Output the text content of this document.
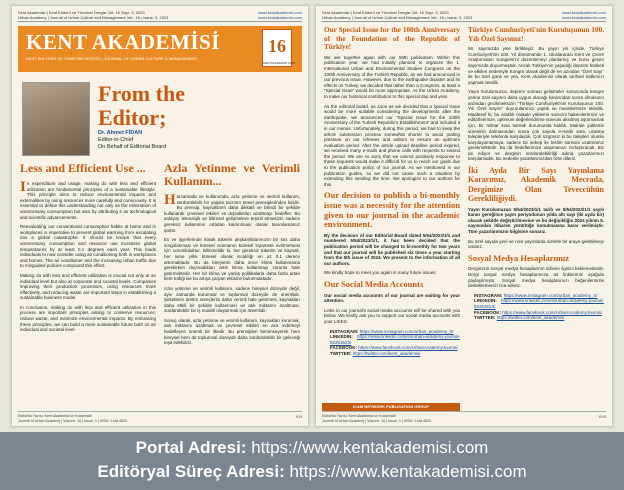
Kent Akademisi | Kent Kültürü ve Yönetimi Dergisi Cilt: 16 Sayı: 3, 2023
Urban Academy | Journal of Urban Culture and Management Vol.: 16 | Issue: 3, 2023
www.kentakademisi.com
www.kentakademisi.com
KENT AKADEMİSİ
KENT KÜLTÜRÜ VE YÖNETİMİ DERGİSİ | JOURNAL OF URBAN CULTURE & MANAGEMENT
16
KENTAKADEMISI.COM
From the Editor;
Dr. Ahmet FİDAN
Editor-in-Chief
On Behalf of Editorial Board
Less and Efficient Use ...

In expenditure and usage, making do with less and efficient utilization are fundamental principles of a sustainable lifestyle. This principle aims to reduce environmental impacts and externalities by using resources more carefully and consciously. It is essential to define this understanding not only as the elimination of unnecessary consumption but also by attributing it as technological and scientific advancements.

Reevaluating our conventional consumption habits at home and in workplaces is imperative to prevent global warming from escalating into a global catastrophe. It should be known that every unnecessary consumption and resource use increases global temperatures by at least 0.1 degrees each year. This leads individuals to now consider using air conditioning both in workplaces and homes. The air conditioner and the increasing urban traffic due to misguided policies compound this effect.

Making do with less and efficient utilization is crucial not only at an individual level but also at corporate and societal levels. Companies improving their production processes, using resources more effectively, and reducing waste are important steps in establishing a sustainable business model.

In conclusion, making do with less and efficient utilization in this process are important principles aiming to conserve resources, reduce waste, and minimize environmental impacts. By embracing these principles, we can build a more sustainable future both on an individual and societal level.

Azla Yetinme ve Verimli Kullanım...

Harcamada ve kullanımda, azla yetinme ve verimli kullanım, sürdürülebilir bir yaşam tarzının temel prensiplerinden biridir. Bu prensip, kaynakların daha dikkatli ve bilinçli bir şekilde kullanarak çevresel etkileri ve dışsallıkları azaltmayı hedefler. Bu anlayışı teknolojik ve bilimsel gelişmelere teşmil etmekizin sadece gereksiz kullanımın ortadan kaldırılması olarak tanımlamamız şarttır.

Ev ve işyerlerinde klasik tüketim alışkanlıklarımızın bir kez daha sorgulanması ve küresel ısınmanın küresel kıyamete evrilmemesi için sorumluluktur. Bilinmelidir ki, her gereksiz tüketim ve kaynak, her sene yıllık küresel olarak sıcaklığı en az 0.1 derece artırmaktadır. Bu da bireylerin daha önce klima kullanmama gerekirken duymadıkları artık klima kullanmayı zorunlu hale getirmektedir. Her bir klima ve yanlış politikalarla daha fazla artan kent trafiği ise bu artışa çarpan etkisine bulunmaktadır.

Azla yetinme ve verimli kullanım, sadece bireysel düzeyde değil, aynı zamanda kurumsal ve toplumsal düzeyde de önemlidir. Şirketlerin üretim süreçlerini daha verimli hale getirmesi, kaynakları daha etkili bir şekilde kullanması ve atık miktarını azaltması, sürdürülebilir bir iş modeli oluşturmak için önemlidir.

Sonuç olarak, azla yetinme ve verimli kullanım, kaynakları korumak, atık miktarını azaltmak ve çevresel etkileri en aza indirmeyi hedefleyen önemli bir ilkedir. Bu prensipleri benimseyerek hem bireysel hem de toplumsal düzeyde daha sürdürülebilir bir geleceği inşa edebiliriz.

Editörlük Yazısı: Kent Akademisi ve Kooperatif
Journal of Urban Academy | Volume: 16 | Issue: 3 | ISSN: 2146-9520
XVI
Kent Akademisi | Kent Kültürü ve Yönetimi Dergisi Cilt: 16 Sayı: 3, 2023
Urban Academy | Journal of Urban Culture and Management Vol.: 16 | Issue: 3, 2023
www.kentakademisi.com
www.kentakademisi.com
Our Special Issue for the 100th Anniversary of the Foundation of the Republic of Türkiye!

We are together again with our 56th publication. Within this publication year, we had initially planned to organize the 1. International Urban and Environmental Studies Congress on the 100th Anniversary of the Turkish Republic, as we had announced in our previous issue. However, due to the earthquake disaster and its effects on Turkey, we decided that rather than a Congress, at least a "Special Issue" would be more appropriate. As the Urban Academy, to make our historical contribution to this special day and year.

As the editorial board, as soon as we decided that a special issue would be more suitable considering the developments after the earthquake, we announced our "Special Issue for the 100th Anniversary of the Turkish Republic's Establishment" and included it in our menus. Unfortunately, during this period, we had to keep the article submission process somewhat shorter to avoid putting pressure on our referees and editors to ensure an optimum evaluation period. After the article upload deadline period expired, we received many e-mails and phone calls with requests to extend the period. We are so sorry that we cannot positively response to these requests would make it difficult for us to reach our goals due to the publication policy of our journal. As we mentioned in our publication guides, so we did not cause such a situation by extending this sending the time. We apologize to our authors for this.

Our decision to publish a bi-monthly issue was a necessity for the attention given to our journal in the academic environment.

By the decision of our Editorial Board dated 5/54/2023/1/1 and numbered 5/54/2023/1/1, it has been decided that the publication period will be changed to bi-monthly for two years and that our journal will be published six times a year starting from the 5th issue of 2024. We present to the information of all our authors.

We kindly hope to meet you again in many future issues.

Our Social Media Accounts

Our social media accounts of our journal are waiting for your attention.

Links to our journal's social media accounts will be shared with you below. We kindly ask you to support our social media accounts with your LIKES.

• INSTAGRAM: https://www.instagram.com/urban_academy_tr/
• LINKEDIN: https://www.linkedin.com/in/urban-academy-journal-922b3623/
• FACEBOOK: https://www.facebook.com/UrbanAcademyJournal
• TWITTER: https://twitter.com/kent_akademisi
Türkiye Cumhuriyeti'nin Kuruluşunun 100. Yılı Özel Sayımız!

56. sayımızda yine birlikteyiz. Bu yayın yılı içinde, Türkiye Cumhuriyeti'nin 100. Yıl dönümünde 1. Uluslararası Kent ve Çevre Araştırmaları Kongresi'ni düzenlemeyi planlamış ve bunu geçen sayımızda duyurmuştuk. Ancak Türkiye'nin yaşadığı deprem felaketi ve etkileri nedeniyle Kongre olarak değil de en azından "Özel Sayı" ile bu özel güne ve yıla, Kent Akademisi olarak tarihsel katkımızı yapmak istedik.

Yayın kurulumuzca, deprem sonrası gelişmeler sonucunda kongre yerine özel sayının daha uygun olacağı kararından sonra olmasının ardından gecikmeksizin "Türkiye Cumhuriyeti'nin Kuruluşunun 100. Yılı Özel Sayısı" duyurularımızı yaptık ve menülerimize ekledik. Maalesef ki, bu araklık makale yükleme sürecini hakemlerimize ve editörlerimize, optimum değerlendirme sürecini aksılmış aştırmamak için, bir miktar kısa tutmak durumunda kaldık. Makale yükleme süresinin dolmasından sonra çok sayıda e-maile süre, uzatma talepleriyle telefonla karşılaştık. Çok üzgünüz ki bu talepleri olumlu karşılayamamaya, sadece bir sebep ile teslim süresini uzatmamız gerekmektedir. Bu da hedeflerimize ulaşmamızı zorlaştıracak. Biz de ediyor ve derginin sürdürülebilirliği adına yazarlarımızı karşılamadık. Bu nedenle yazarlarımızdan özür dileriz.

İki Ayda Bir Sayı Yayınlama Kararımız, Akademik Mecrada, Dergimize Olan Teveccühün Gerekliliğiydi.

Yayın Kurulumuzun 5/54/2023/1/1 tarih ve 5/54/2023/1/1 sayılı kararı gereğince yayın periyodunun yılda altı sayı (iki ayda bir) olacak şekilde değiştirilmesine ve bu değişikliğin 2024 yılının 5. sayısından itibaren yürürlüğe konulmasına karar verilmiştir. Tüm yazarlarımızın bilgisine sunarız.

Bu özel sayıda yeni ve nice yayınlarda sizlerle bir araya gelebilmeyi umarız.

Sosyal Medya Hesaplarımız

Dergimizin sosyal medya hesaplarının sizlerin ilgisini beklemektedir. Dergi sosyal medya hesaplarımıza ait linklerimiz aşağıda paylaşılmıştır. Sosyal medya hesaplarımızı beğenilerinizle desteklemenizi rica ederiz.

• INSTAGRAM: https://www.instagram.com/urban_academy_tr/
• LINKEDIN: https://www.linkedin.com/in/urban-academy-journal-922b3623/
• FACEBOOK: https://www.facebook.com/UrbanAcademyJournal
• TWITTER: https://twitter.com/kent_akademisi
ICAM NETWORK PUBLICATION GROUP
Editörlük Yazısı: Kent Akademisi ve Kooperatif
Journal of Urban Academy | Volume: 16 | Issue: 3 | ISSN: 2146-9520
XVII
Portal Adresi: https://www.kentakademisi.com
Editöryal Süreç Adresi: https://www.kentakademisi.com
